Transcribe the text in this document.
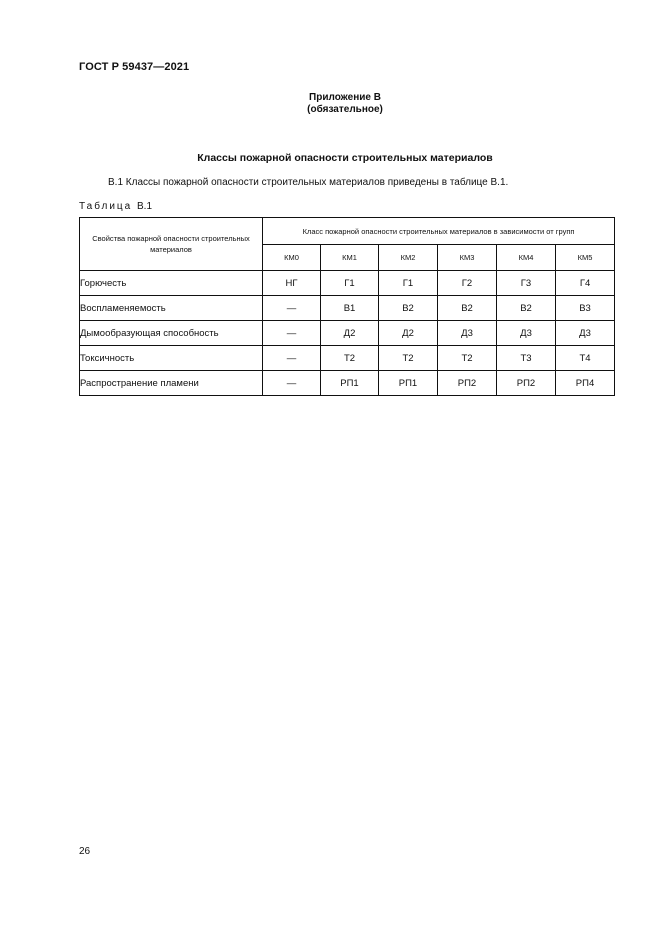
ГОСТ Р 59437—2021
Приложение В
(обязательное)
Классы пожарной опасности строительных материалов
В.1 Классы пожарной опасности строительных материалов приведены в таблице В.1.
Таблица В.1
Свойства пожарной опасности строительных материалов	Класс пожарной опасности строительных материалов в зависимости от групп					
	КМ0	КМ1	КМ2	КМ3	КМ4	КМ5
Горючесть	НГ	Г1	Г1	Г2	Г3	Г4
Воспламеняемость	—	В1	В2	В2	В2	В3
Дымообразующая способность	—	Д2	Д2	Д3	Д3	Д3
Токсичность	—	Т2	Т2	Т2	Т3	Т4
Распространение пламени	—	РП1	РП1	РП2	РП2	РП4
26
